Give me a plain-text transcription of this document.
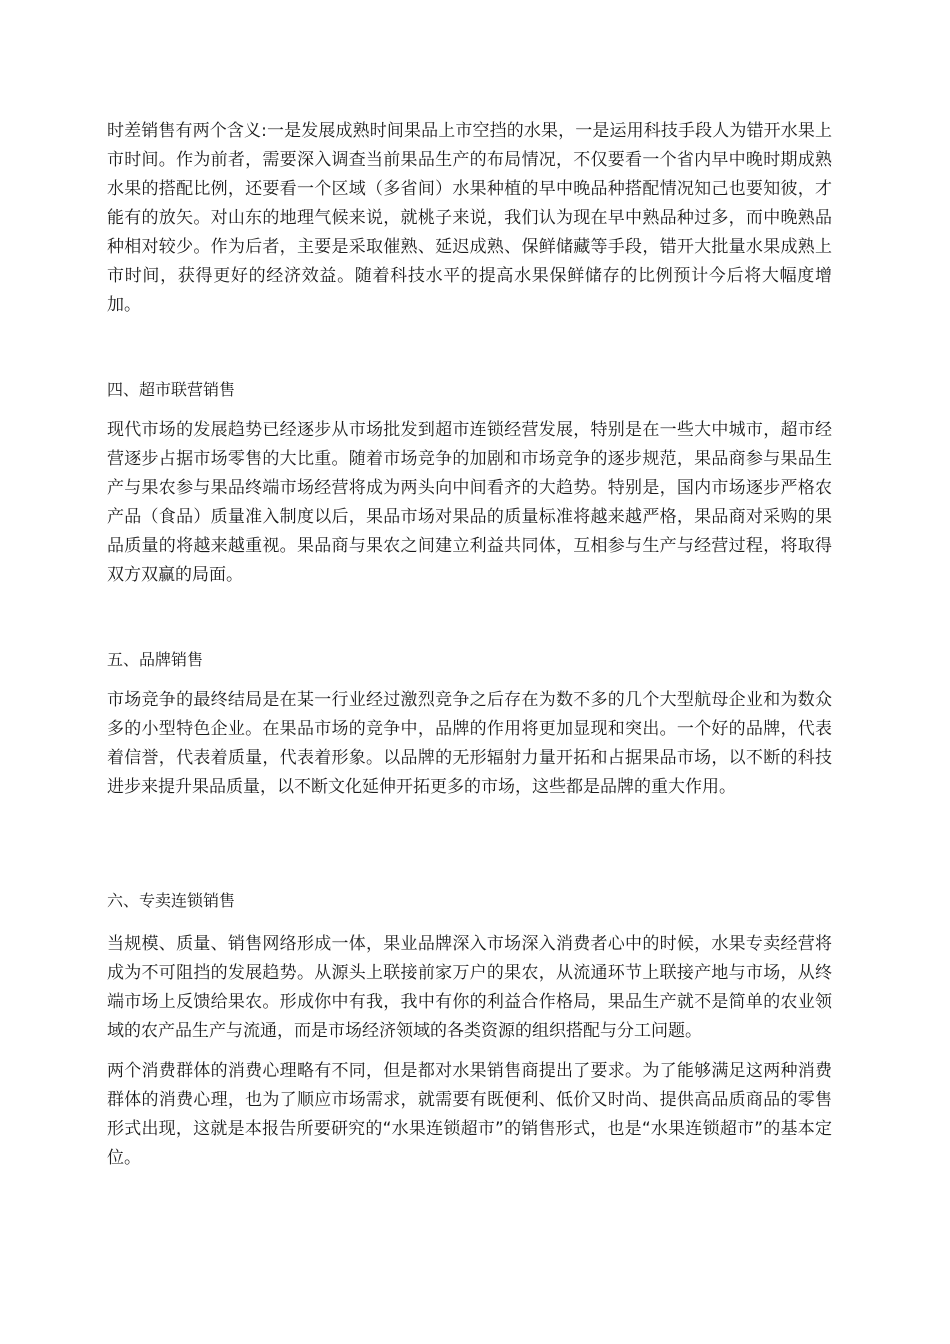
时差销售有两个含义:一是发展成熟时间果品上市空挡的水果，一是运用科技手段人为错开水果上市时间。作为前者，需要深入调查当前果品生产的布局情况，不仅要看一个省内早中晚时期成熟水果的搭配比例，还要看一个区域（多省间）水果种植的早中晚品种搭配情况知己也要知彼，才能有的放矢。对山东的地理气候来说，就桃子来说，我们认为现在早中熟品种过多，而中晚熟品种相对较少。作为后者，主要是采取催熟、延迟成熟、保鲜储藏等手段，错开大批量水果成熟上市时间，获得更好的经济效益。随着科技水平的提高水果保鲜储存的比例预计今后将大幅度增加。

四、超市联营销售

现代市场的发展趋势已经逐步从市场批发到超市连锁经营发展，特别是在一些大中城市，超市经营逐步占据市场零售的大比重。随着市场竞争的加剧和市场竞争的逐步规范，果品商参与果品生产与果农参与果品终端市场经营将成为两头向中间看齐的大趋势。特别是，国内市场逐步严格农产品（食品）质量准入制度以后，果品市场对果品的质量标准将越来越严格，果品商对采购的果品质量的将越来越重视。果品商与果农之间建立利益共同体，互相参与生产与经营过程，将取得双方双赢的局面。

五、品牌销售

市场竞争的最终结局是在某一行业经过激烈竞争之后存在为数不多的几个大型航母企业和为数众多的小型特色企业。在果品市场的竞争中，品牌的作用将更加显现和突出。一个好的品牌，代表着信誉，代表着质量，代表着形象。以品牌的无形辐射力量开拓和占据果品市场，以不断的科技进步来提升果品质量，以不断文化延伸开拓更多的市场，这些都是品牌的重大作用。

六、专卖连锁销售

当规模、质量、销售网络形成一体，果业品牌深入市场深入消费者心中的时候，水果专卖经营将成为不可阻挡的发展趋势。从源头上联接前家万户的果农，从流通环节上联接产地与市场，从终端市场上反馈给果农。形成你中有我，我中有你的利益合作格局，果品生产就不是简单的农业领域的农产品生产与流通，而是市场经济领域的各类资源的组织搭配与分工问题。

两个消费群体的消费心理略有不同，但是都对水果销售商提出了要求。为了能够满足这两种消费群体的消费心理，也为了顺应市场需求，就需要有既便利、低价又时尚、提供高品质商品的零售形式出现，这就是本报告所要研究的“水果连锁超市”的销售形式，也是“水果连锁超市”的基本定位。
